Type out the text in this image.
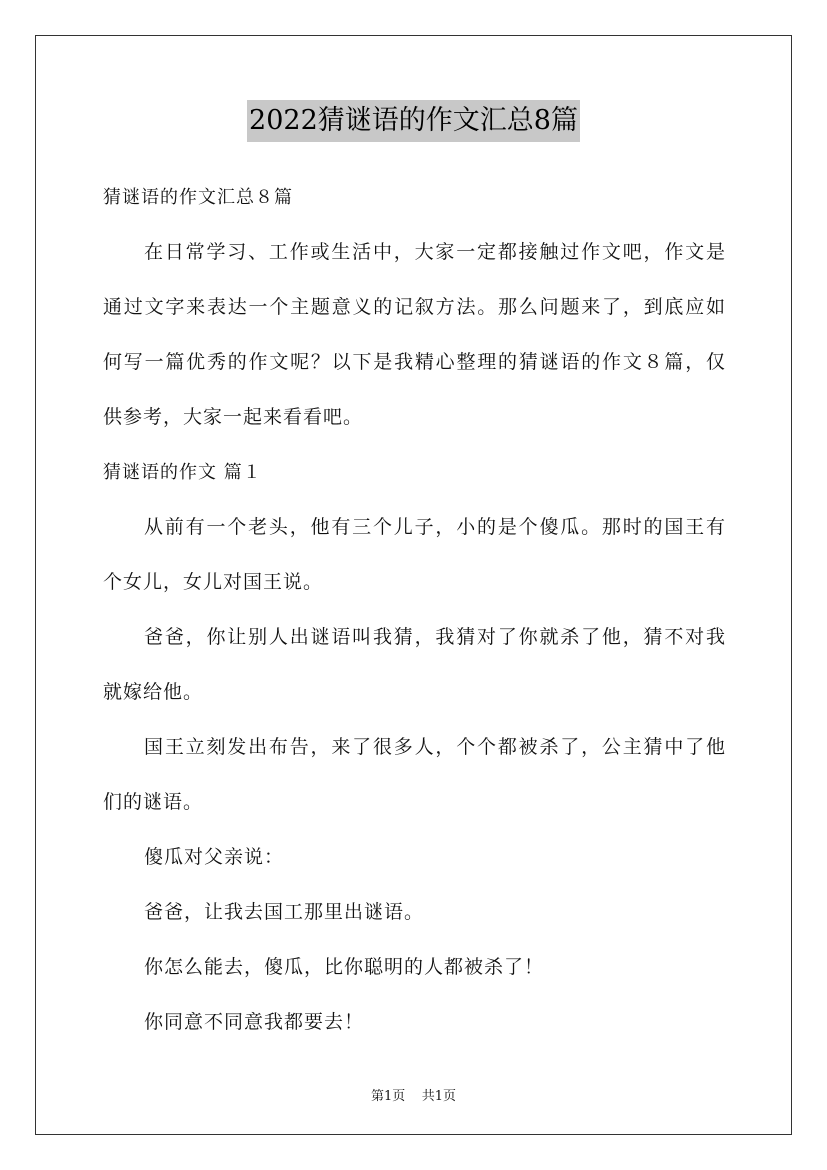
2022猜谜语的作文汇总8篇
猜谜语的作文汇总８篇
在日常学习、工作或生活中，大家一定都接触过作文吧，作文是
通过文字来表达一个主题意义的记叙方法。那么问题来了，到底应如
何写一篇优秀的作文呢？以下是我精心整理的猜谜语的作文８篇，仅
供参考，大家一起来看看吧。
猜谜语的作文 篇１
从前有一个老头，他有三个儿子，小的是个傻瓜。那时的国王有
个女儿，女儿对国王说。
爸爸，你让别人出谜语叫我猜，我猜对了你就杀了他，猜不对我
就嫁给他。
国王立刻发出布告，来了很多人，个个都被杀了，公主猜中了他
们的谜语。
傻瓜对父亲说：
爸爸，让我去国工那里出谜语。
你怎么能去，傻瓜，比你聪明的人都被杀了！
你同意不同意我都要去！
第1页 共1页
